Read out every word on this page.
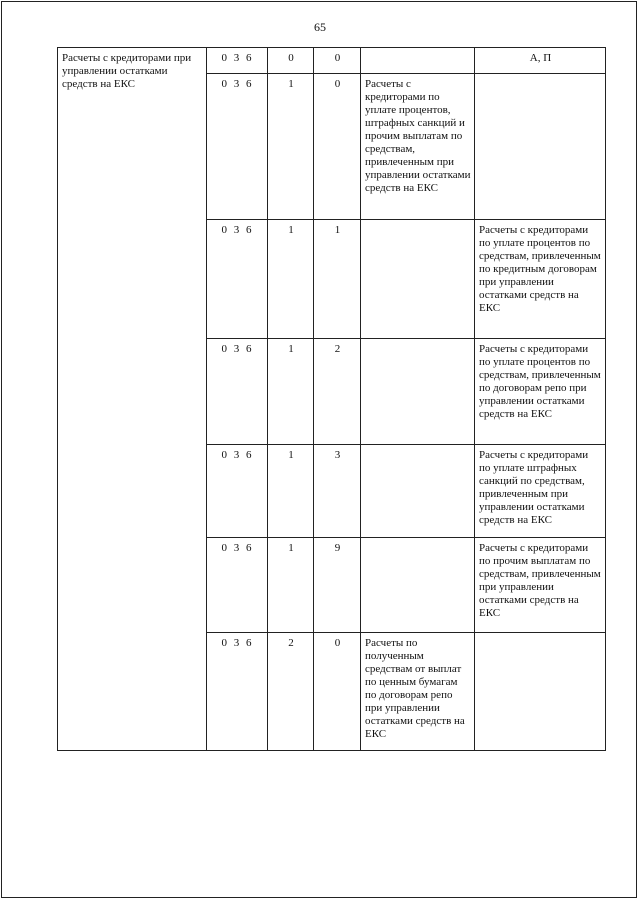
65
Расчеты с кредиторами при управлении остатками средств на ЕКС	0 3 6	0	0		А, П
	0 3 6	1	0	Расчеты с кредиторами по уплате процентов, штрафных санкций и прочим выплатам по средствам, привлеченным при управлении остатками средств на ЕКС	
	0 3 6	1	1		Расчеты с кредиторами по уплате процентов по средствам, привлеченным по кредитным договорам при управлении остатками средств на ЕКС
	0 3 6	1	2		Расчеты с кредиторами по уплате процентов по средствам, привлеченным по договорам репо при управлении остатками средств на ЕКС
	0 3 6	1	3		Расчеты с кредиторами по уплате штрафных санкций по средствам, привлеченным при управлении остатками средств на ЕКС
	0 3 6	1	9		Расчеты с кредиторами по прочим выплатам по средствам, привлеченным при управлении остатками средств на ЕКС
	0 3 6	2	0	Расчеты по полученным средствам от выплат по ценным бумагам по договорам репо при управлении остатками средств на ЕКС	
